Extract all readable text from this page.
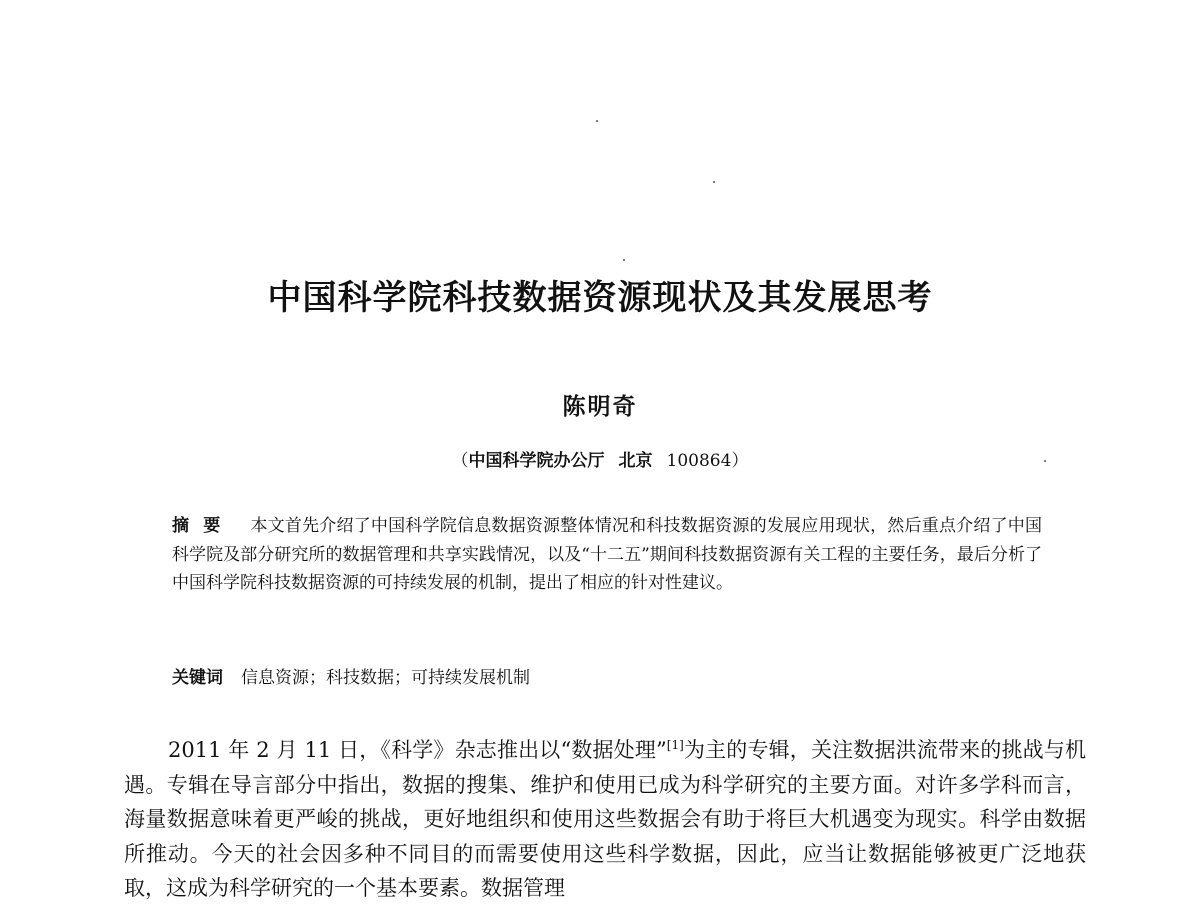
中国科学院科技数据资源现状及其发展思考
陈明奇
（中国科学院办公厅 北京 100864）
摘要 本文首先介绍了中国科学院信息数据资源整体情况和科技数据资源的发展应用现状，然后重点介绍了中国科学院及部分研究所的数据管理和共享实践情况，以及“十二五”期间科技数据资源有关工程的主要任务，最后分析了中国科学院科技数据资源的可持续发展的机制，提出了相应的针对性建议。
关键词 信息资源；科技数据；可持续发展机制
2011 年 2 月 11 日，《科学》杂志推出以“数据处理”[1]为主的专辑，关注数据洪流带来的挑战与机遇。专辑在导言部分中指出，数据的搜集、维护和使用已成为科学研究的主要方面。对许多学科而言，海量数据意味着更严峻的挑战，更好地组织和使用这些数据会有助于将巨大机遇变为现实。科学由数据所推动。今天的社会因多种不同目的而需要使用这些科学数据，因此，应当让数据能够被更广泛地获取，这成为科学研究的一个基本要素。数据管理
